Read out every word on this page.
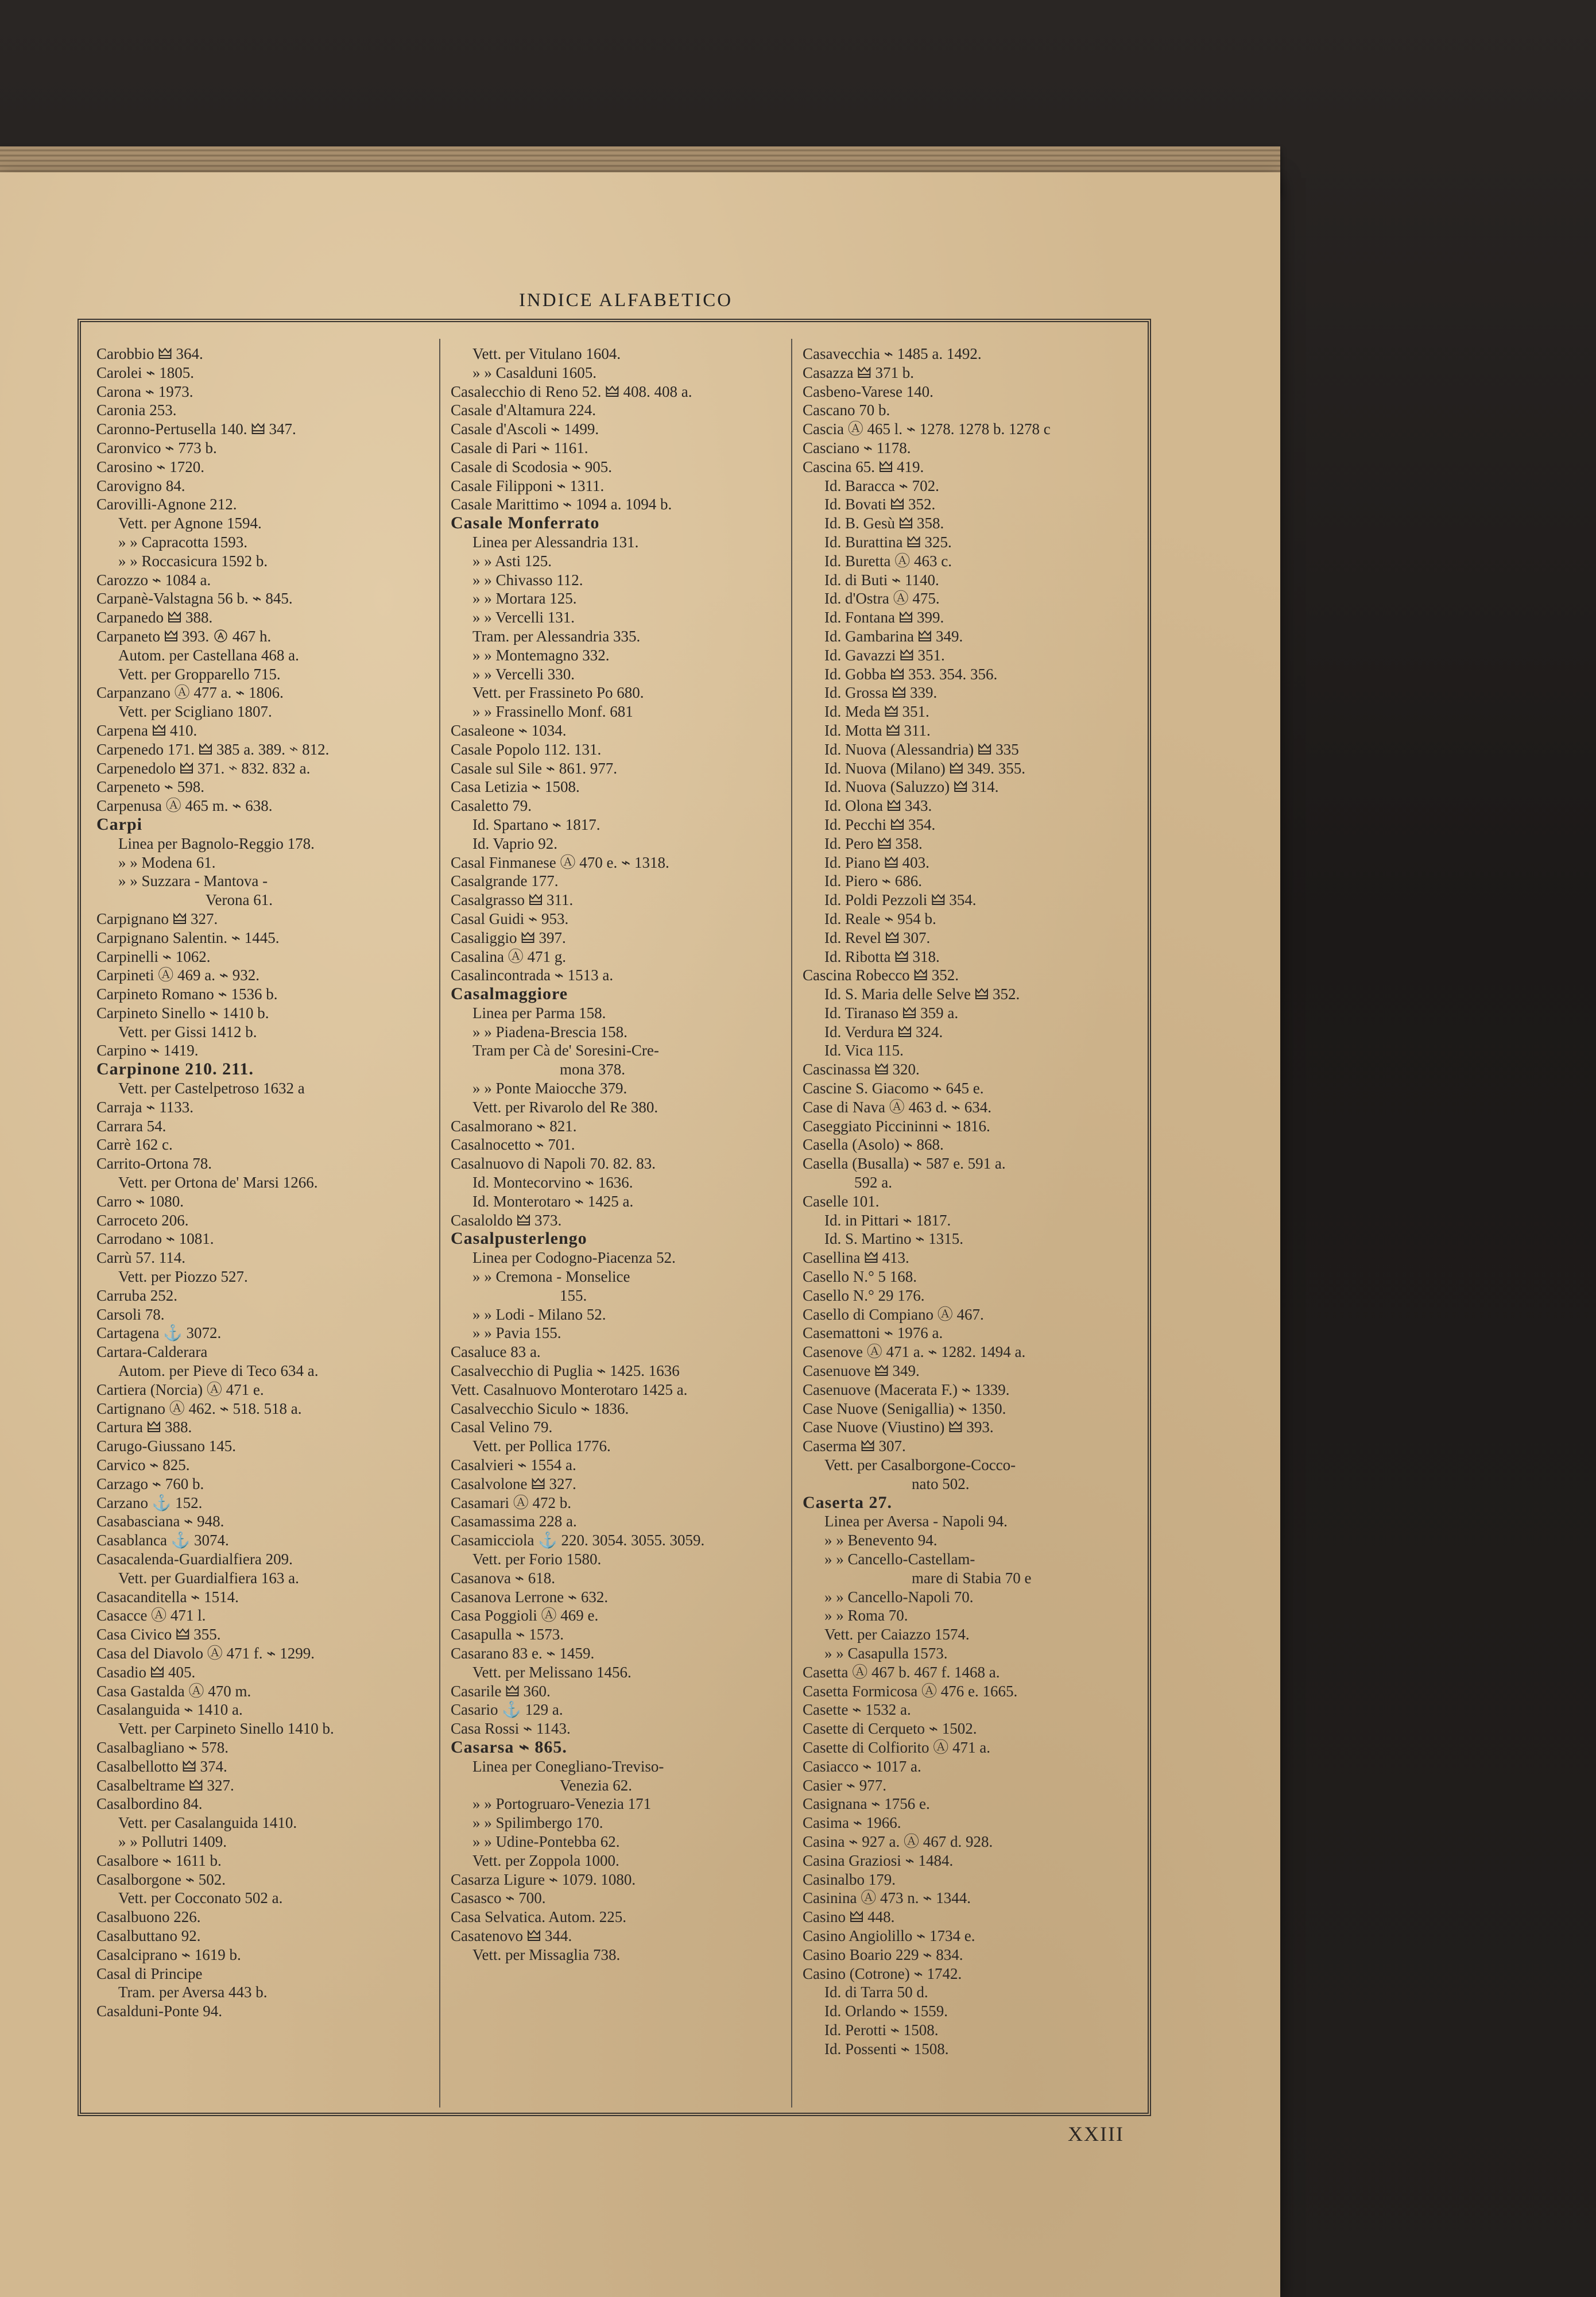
INDICE ALFABETICO
Carobbio 🜲 364.
Carolei ⌁ 1805.
Carona ⌁ 1973.
Caronia 253.
Caronno-Pertusella 140. 🜲 347.
Caronvico ⌁ 773 b.
Carosino ⌁ 1720.
Carovigno 84.
Carovilli-Agnone 212.
Vett. per Agnone 1594.
» » Capracotta 1593.
» » Roccasicura 1592 b.
Carozzo ⌁ 1084 a.
Carpanè-Valstagna 56 b. ⌁ 845.
Carpanedo 🜲 388.
Carpaneto 🜲 393. Ⓐ 467 h.
Autom. per Castellana 468 a.
Vett. per Gropparello 715.
Carpanzano Ⓐ 477 a. ⌁ 1806.
Vett. per Scigliano 1807.
Carpena 🜲 410.
Carpenedo 171. 🜲 385 a. 389. ⌁ 812.
Carpenedolo 🜲 371. ⌁ 832. 832 a.
Carpeneto ⌁ 598.
Carpenusa Ⓐ 465 m. ⌁ 638.
Carpi
Linea per Bagnolo-Reggio 178.
» » Modena 61.
» » Suzzara - Mantova -
Verona 61.
Carpignano 🜲 327.
Carpignano Salentin. ⌁ 1445.
Carpinelli ⌁ 1062.
Carpineti Ⓐ 469 a. ⌁ 932.
Carpineto Romano ⌁ 1536 b.
Carpineto Sinello ⌁ 1410 b.
Vett. per Gissi 1412 b.
Carpino ⌁ 1419.
Carpinone 210. 211.
Vett. per Castelpetroso 1632 a
Carraja ⌁ 1133.
Carrara 54.
Carrè 162 c.
Carrito-Ortona 78.
Vett. per Ortona de' Marsi 1266.
Carro ⌁ 1080.
Carroceto 206.
Carrodano ⌁ 1081.
Carrù 57. 114.
Vett. per Piozzo 527.
Carruba 252.
Carsoli 78.
Cartagena ⚓ 3072.
Cartara-Calderara
Autom. per Pieve di Teco 634 a.
Cartiera (Norcia) Ⓐ 471 e.
Cartignano Ⓐ 462. ⌁ 518. 518 a.
Cartura 🜲 388.
Carugo-Giussano 145.
Carvico ⌁ 825.
Carzago ⌁ 760 b.
Carzano ⚓ 152.
Casabasciana ⌁ 948.
Casablanca ⚓ 3074.
Casacalenda-Guardialfiera 209.
Vett. per Guardialfiera 163 a.
Casacanditella ⌁ 1514.
Casacce Ⓐ 471 l.
Casa Civico 🜲 355.
Casa del Diavolo Ⓐ 471 f. ⌁ 1299.
Casadio 🜲 405.
Casa Gastalda Ⓐ 470 m.
Casalanguida ⌁ 1410 a.
Vett. per Carpineto Sinello 1410 b.
Casalbagliano ⌁ 578.
Casalbellotto 🜲 374.
Casalbeltrame 🜲 327.
Casalbordino 84.
Vett. per Casalanguida 1410.
» » Pollutri 1409.
Casalbore ⌁ 1611 b.
Casalborgone ⌁ 502.
Vett. per Cocconato 502 a.
Casalbuono 226.
Casalbuttano 92.
Casalciprano ⌁ 1619 b.
Casal di Principe
Tram. per Aversa 443 b.
Casalduni-Ponte 94.
Vett. per Vitulano 1604.
» » Casalduni 1605.
Casalecchio di Reno 52. 🜲 408. 408 a.
Casale d'Altamura 224.
Casale d'Ascoli ⌁ 1499.
Casale di Pari ⌁ 1161.
Casale di Scodosia ⌁ 905.
Casale Filipponi ⌁ 1311.
Casale Marittimo ⌁ 1094 a. 1094 b.
Casale Monferrato
Linea per Alessandria 131.
» » Asti 125.
» » Chivasso 112.
» » Mortara 125.
» » Vercelli 131.
Tram. per Alessandria 335.
» » Montemagno 332.
» » Vercelli 330.
Vett. per Frassineto Po 680.
» » Frassinello Monf. 681
Casaleone ⌁ 1034.
Casale Popolo 112. 131.
Casale sul Sile ⌁ 861. 977.
Casa Letizia ⌁ 1508.
Casaletto 79.
Id. Spartano ⌁ 1817.
Id. Vaprio 92.
Casal Finmanese Ⓐ 470 e. ⌁ 1318.
Casalgrande 177.
Casalgrasso 🜲 311.
Casal Guidi ⌁ 953.
Casaliggio 🜲 397.
Casalina Ⓐ 471 g.
Casalincontrada ⌁ 1513 a.
Casalmaggiore
Linea per Parma 158.
» » Piadena-Brescia 158.
Tram per Cà de' Soresini-Cre-
mona 378.
» » Ponte Maiocche 379.
Vett. per Rivarolo del Re 380.
Casalmorano ⌁ 821.
Casalnocetto ⌁ 701.
Casalnuovo di Napoli 70. 82. 83.
Id. Montecorvino ⌁ 1636.
Id. Monterotaro ⌁ 1425 a.
Casaloldo 🜲 373.
Casalpusterlengo
Linea per Codogno-Piacenza 52.
» » Cremona - Monselice
155.
» » Lodi - Milano 52.
» » Pavia 155.
Casaluce 83 a.
Casalvecchio di Puglia ⌁ 1425. 1636
Vett. Casalnuovo Monterotaro 1425 a.
Casalvecchio Siculo ⌁ 1836.
Casal Velino 79.
Vett. per Pollica 1776.
Casalvieri ⌁ 1554 a.
Casalvolone 🜲 327.
Casamari Ⓐ 472 b.
Casamassima 228 a.
Casamicciola ⚓ 220. 3054. 3055. 3059.
Vett. per Forio 1580.
Casanova ⌁ 618.
Casanova Lerrone ⌁ 632.
Casa Poggioli Ⓐ 469 e.
Casapulla ⌁ 1573.
Casarano 83 e. ⌁ 1459.
Vett. per Melissano 1456.
Casarile 🜲 360.
Casario ⚓ 129 a.
Casa Rossi ⌁ 1143.
Casarsa ⌁ 865.
Linea per Conegliano-Treviso-
Venezia 62.
» » Portogruaro-Venezia 171
» » Spilimbergo 170.
» » Udine-Pontebba 62.
Vett. per Zoppola 1000.
Casarza Ligure ⌁ 1079. 1080.
Casasco ⌁ 700.
Casa Selvatica. Autom. 225.
Casatenovo 🜲 344.
Vett. per Missaglia 738.
Casavecchia ⌁ 1485 a. 1492.
Casazza 🜲 371 b.
Casbeno-Varese 140.
Cascano 70 b.
Cascia Ⓐ 465 l. ⌁ 1278. 1278 b. 1278 c
Casciano ⌁ 1178.
Cascina 65. 🜲 419.
Id. Baracca ⌁ 702.
Id. Bovati 🜲 352.
Id. B. Gesù 🜲 358.
Id. Burattina 🜲 325.
Id. Buretta Ⓐ 463 c.
Id. di Buti ⌁ 1140.
Id. d'Ostra Ⓐ 475.
Id. Fontana 🜲 399.
Id. Gambarina 🜲 349.
Id. Gavazzi 🜲 351.
Id. Gobba 🜲 353. 354. 356.
Id. Grossa 🜲 339.
Id. Meda 🜲 351.
Id. Motta 🜲 311.
Id. Nuova (Alessandria) 🜲 335
Id. Nuova (Milano) 🜲 349. 355.
Id. Nuova (Saluzzo) 🜲 314.
Id. Olona 🜲 343.
Id. Pecchi 🜲 354.
Id. Pero 🜲 358.
Id. Piano 🜲 403.
Id. Piero ⌁ 686.
Id. Poldi Pezzoli 🜲 354.
Id. Reale ⌁ 954 b.
Id. Revel 🜲 307.
Id. Ribotta 🜲 318.
Cascina Robecco 🜲 352.
Id. S. Maria delle Selve 🜲 352.
Id. Tiranaso 🜲 359 a.
Id. Verdura 🜲 324.
Id. Vica 115.
Cascinassa 🜲 320.
Cascine S. Giacomo ⌁ 645 e.
Case di Nava Ⓐ 463 d. ⌁ 634.
Caseggiato Piccininni ⌁ 1816.
Casella (Asolo) ⌁ 868.
Casella (Busalla) ⌁ 587 e. 591 a.
592 a.
Caselle 101.
Id. in Pittari ⌁ 1817.
Id. S. Martino ⌁ 1315.
Casellina 🜲 413.
Casello N.° 5 168.
Casello N.° 29 176.
Casello di Compiano Ⓐ 467.
Casemattoni ⌁ 1976 a.
Casenove Ⓐ 471 a. ⌁ 1282. 1494 a.
Casenuove 🜲 349.
Casenuove (Macerata F.) ⌁ 1339.
Case Nuove (Senigallia) ⌁ 1350.
Case Nuove (Viustino) 🜲 393.
Caserma 🜲 307.
Vett. per Casalborgone-Cocco-
nato 502.
Caserta 27.
Linea per Aversa - Napoli 94.
» » Benevento 94.
» » Cancello-Castellam-
mare di Stabia 70 e
» » Cancello-Napoli 70.
» » Roma 70.
Vett. per Caiazzo 1574.
» » Casapulla 1573.
Casetta Ⓐ 467 b. 467 f. 1468 a.
Casetta Formicosa Ⓐ 476 e. 1665.
Casette ⌁ 1532 a.
Casette di Cerqueto ⌁ 1502.
Casette di Colfiorito Ⓐ 471 a.
Casiacco ⌁ 1017 a.
Casier ⌁ 977.
Casignana ⌁ 1756 e.
Casima ⌁ 1966.
Casina ⌁ 927 a. Ⓐ 467 d. 928.
Casina Graziosi ⌁ 1484.
Casinalbo 179.
Casinina Ⓐ 473 n. ⌁ 1344.
Casino 🜲 448.
Casino Angiolillo ⌁ 1734 e.
Casino Boario 229 ⌁ 834.
Casino (Cotrone) ⌁ 1742.
Id. di Tarra 50 d.
Id. Orlando ⌁ 1559.
Id. Perotti ⌁ 1508.
Id. Possenti ⌁ 1508.
XXIII
